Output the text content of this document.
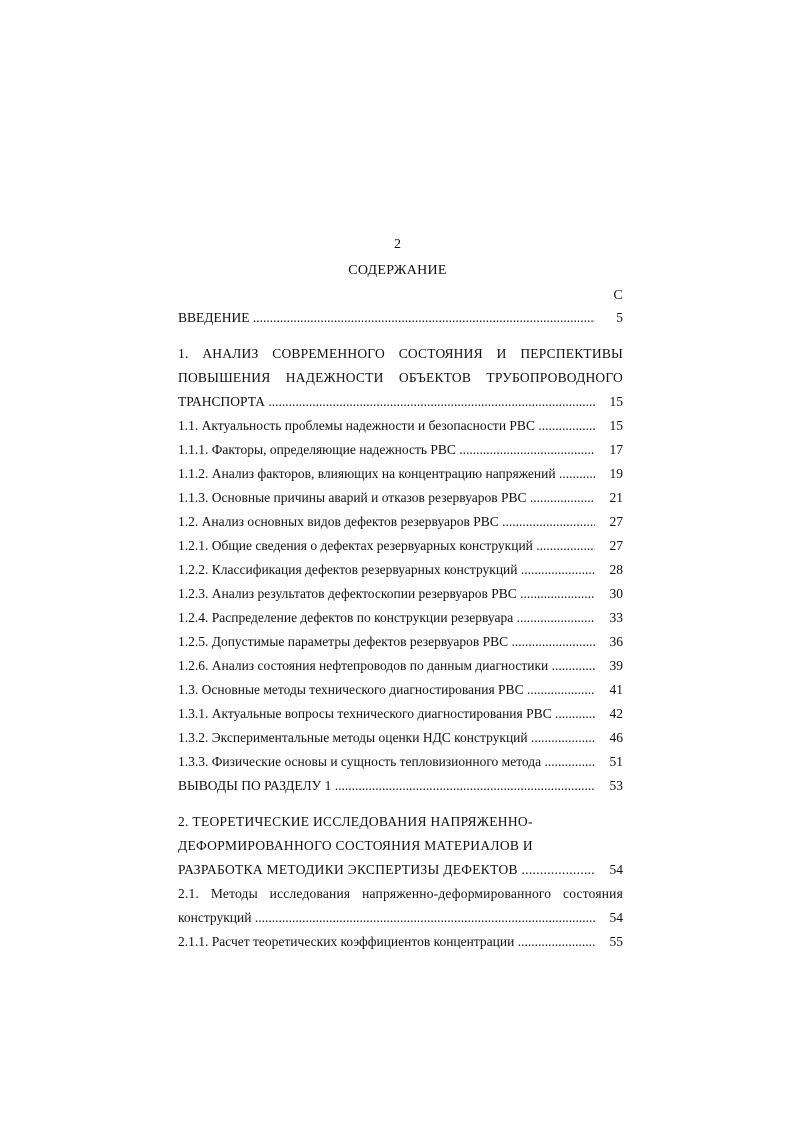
2
СОДЕРЖАНИЕ
С
ВВЕДЕНИЕ .....	5
1. АНАЛИЗ СОВРЕМЕННОГО СОСТОЯНИЯ И ПЕРСПЕКТИВЫ
ПОВЫШЕНИЯ НАДЕЖНОСТИ ОБЪЕКТОВ ТРУБОПРОВОДНОГО
ТРАНСПОРТА .....	15
1.1. Актуальность проблемы надежности и безопасности РВС .....	15
1.1.1. Факторы, определяющие надежность РВС .....	17
1.1.2. Анализ факторов, влияющих на концентрацию напряжений .....	19
1.1.3. Основные причины аварий и отказов резервуаров РВС .....	21
1.2. Анализ основных видов дефектов резервуаров РВС .....	27
1.2.1. Общие сведения о дефектах резервуарных конструкций .....	27
1.2.2. Классификация дефектов резервуарных конструкций .....	28
1.2.3. Анализ результатов дефектоскопии резервуаров РВС .....	30
1.2.4. Распределение дефектов по конструкции резервуара .....	33
1.2.5. Допустимые параметры дефектов резервуаров РВС .....	36
1.2.6. Анализ состояния нефтепроводов по данным диагностики .....	39
1.3. Основные методы технического диагностирования РВС .....	41
1.3.1. Актуальные вопросы технического диагностирования РВС .....	42
1.3.2. Экспериментальные методы оценки НДС конструкций .....	46
1.3.3. Физические основы и сущность тепловизионного метода .....	51
ВЫВОДЫ ПО РАЗДЕЛУ 1 .....	53
2. ТЕОРЕТИЧЕСКИЕ ИССЛЕДОВАНИЯ НАПРЯЖЕННО-
ДЕФОРМИРОВАННОГО СОСТОЯНИЯ МАТЕРИАЛОВ И
РАЗРАБОТКА МЕТОДИКИ ЭКСПЕРТИЗЫ ДЕФЕКТОВ .....	54
2.1. Методы исследования напряженно-деформированного состояния
конструкций .....	54
2.1.1. Расчет теоретических коэффициентов концентрации .....	55
